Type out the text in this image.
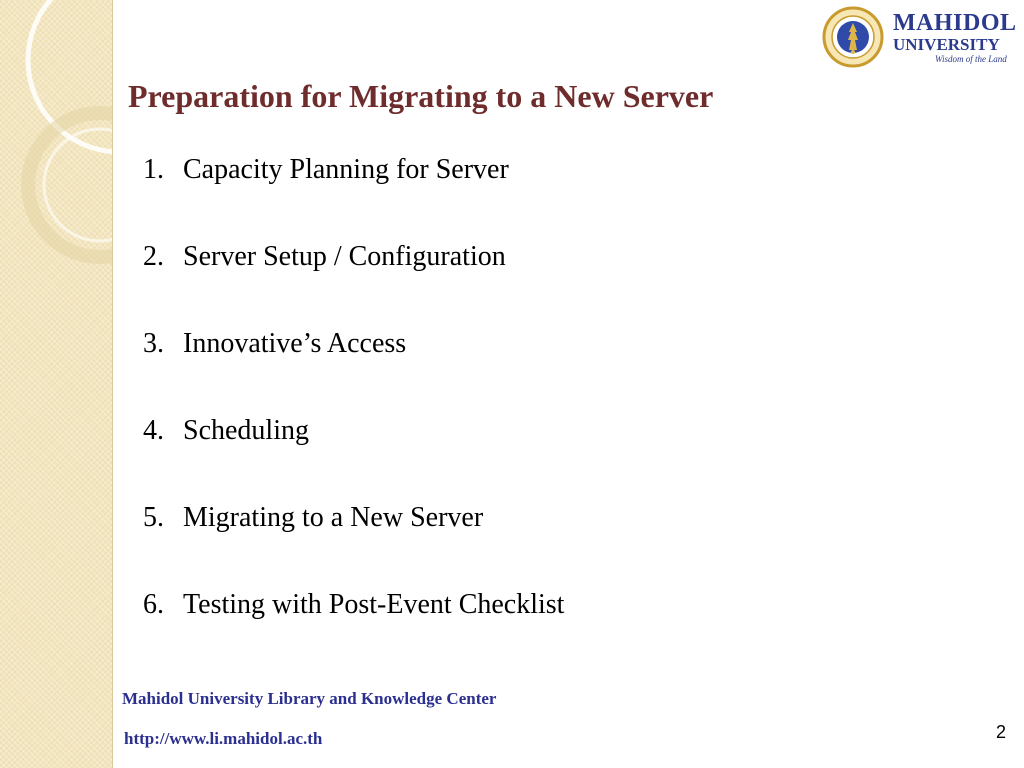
MAHIDOL
UNIVERSITY
Wisdom of the Land
Preparation for Migrating to a New Server
1. Capacity Planning for Server
2. Server Setup / Configuration
3. Innovative’s Access
4. Scheduling
5. Migrating to a New Server
6. Testing with Post-Event Checklist
Mahidol University Library and Knowledge Center
http://www.li.mahidol.ac.th	2
